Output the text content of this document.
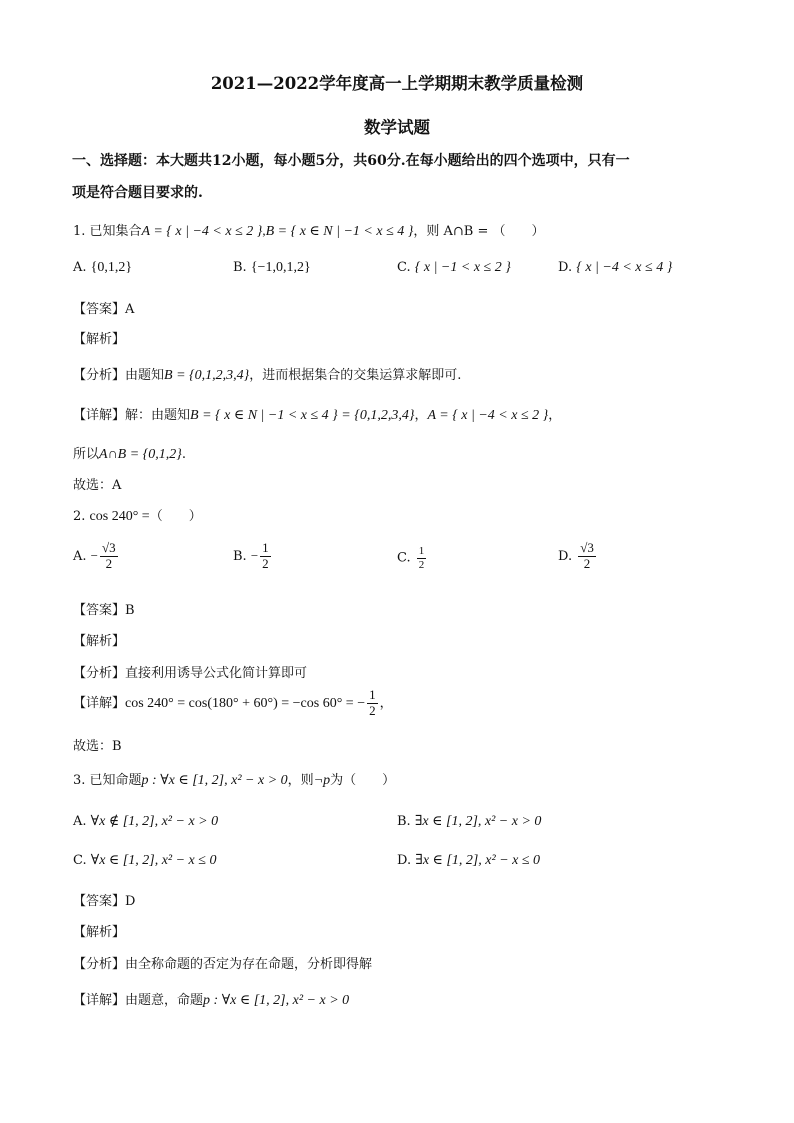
2021—2022学年度高一上学期期末教学质量检测
数学试题
一、选择题：本大题共12小题，每小题5分，共60分.在每小题给出的四个选项中，只有一
项是符合题目要求的.
1. 已知集合A = { x | −4 < x ≤ 2 },B = { x ∈ N | −1 < x ≤ 4 }，则 A∩B = （　　）
A. {0,1,2}	B. {−1,0,1,2}	C. { x | −1 < x ≤ 2 }	D. { x | −4 < x ≤ 4 }
【答案】A
【解析】
【分析】由题知B = {0,1,2,3,4}，进而根据集合的交集运算求解即可.
【详解】解：由题知B = { x ∈ N | −1 < x ≤ 4 } = {0,1,2,3,4}，A = { x | −4 < x ≤ 2 }，
所以A∩B = {0,1,2}.
故选：A
2. cos 240° =（　　）
A. − $\frac{√3}{2}$	B. − $\frac{1}{2}$	C. $\frac{1}{2}$	D. $\frac{√3}{2}$
【答案】B
【解析】
【分析】直接利用诱导公式化简计算即可
【详解】cos 240° = cos(180° + 60°) = −cos 60° = − $\frac{1}{2}$ ，
故选：B
3. 已知命题p : ∀x ∈ [1, 2], x² − x > 0，则¬p为（　　）
A. ∀x ∉ [1, 2], x² − x > 0	B. ∃x ∈ [1, 2], x² − x > 0
C. ∀x ∈ [1, 2], x² − x ≤ 0	D. ∃x ∈ [1, 2], x² − x ≤ 0
【答案】D
【解析】
【分析】由全称命题的否定为存在命题，分析即得解
【详解】由题意，命题p : ∀x ∈ [1, 2], x² − x > 0
